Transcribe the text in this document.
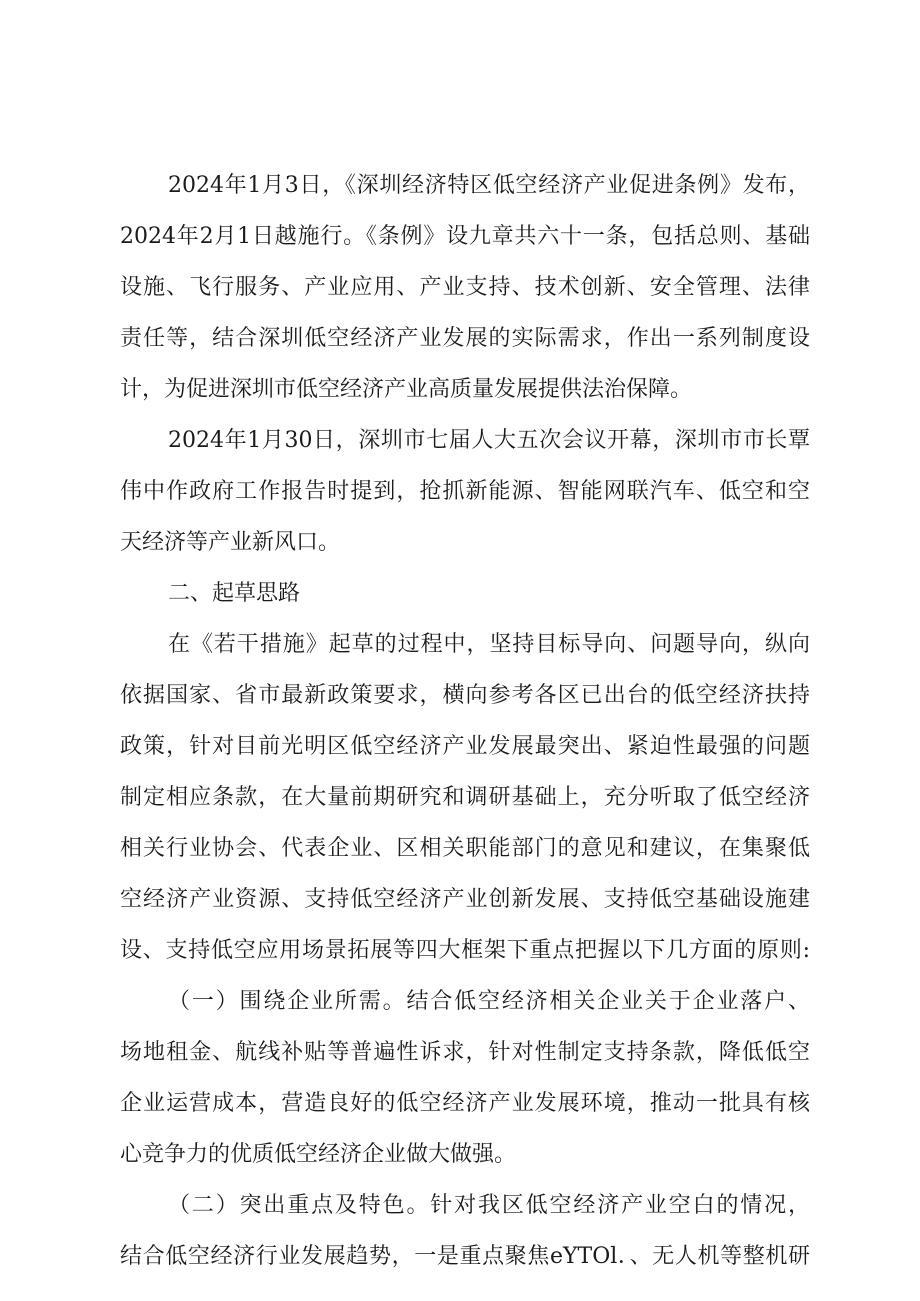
2024年1月3日，《深圳经济特区低空经济产业促进条例》发布，
2024年2月1日越施行。《条例》设九章共六十一条，包括总则、基础
设施、飞行服务、产业应用、产业支持、技术创新、安全管理、法律
责任等，结合深圳低空经济产业发展的实际需求，作出一系列制度设
计，为促进深圳市低空经济产业高质量发展提供法治保障。
2024年1月30日，深圳市七届人大五次会议开幕，深圳市市长覃
伟中作政府工作报告时提到，抢抓新能源、智能网联汽车、低空和空
天经济等产业新风口。
二、起草思路
在《若干措施》起草的过程中，坚持目标导向、问题导向，纵向
依据国家、省市最新政策要求，横向参考各区已出台的低空经济扶持
政策，针对目前光明区低空经济产业发展最突出、紧迫性最强的问题
制定相应条款，在大量前期研究和调研基础上，充分听取了低空经济
相关行业协会、代表企业、区相关职能部门的意见和建议，在集聚低
空经济产业资源、支持低空经济产业创新发展、支持低空基础设施建
设、支持低空应用场景拓展等四大框架下重点把握以下几方面的原则:
（一）围绕企业所需。结合低空经济相关企业关于企业落户、
场地租金、航线补贴等普遍性诉求，针对性制定支持条款，降低低空
企业运营成本，营造良好的低空经济产业发展环境，推动一批具有核
心竞争力的优质低空经济企业做大做强。
（二）突出重点及特色。针对我区低空经济产业空白的情况，
结合低空经济行业发展趋势，一是重点聚焦eYTOl．、无人机等整机研
